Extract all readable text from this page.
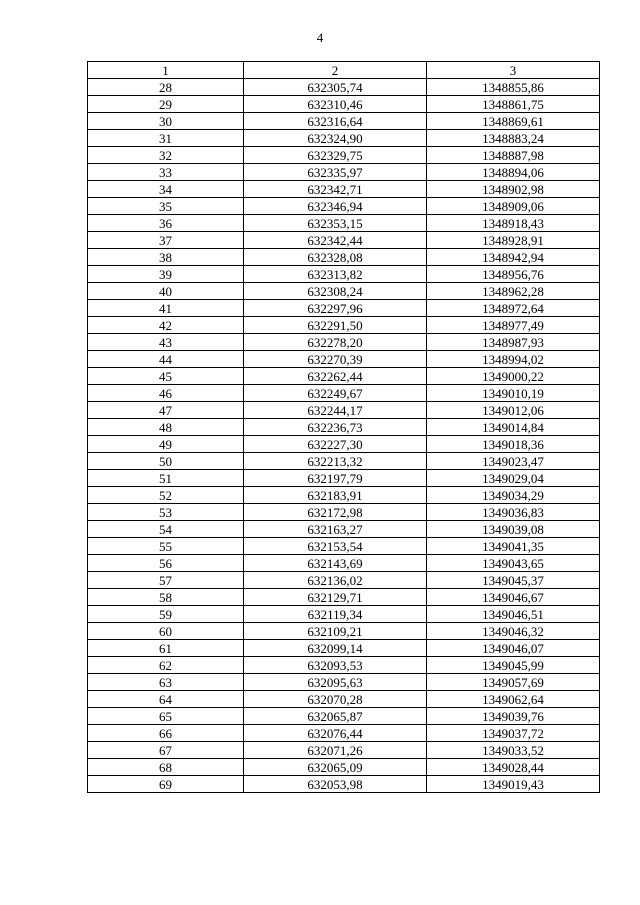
4
1	2	3
28	632305,74	1348855,86
29	632310,46	1348861,75
30	632316,64	1348869,61
31	632324,90	1348883,24
32	632329,75	1348887,98
33	632335,97	1348894,06
34	632342,71	1348902,98
35	632346,94	1348909,06
36	632353,15	1348918,43
37	632342,44	1348928,91
38	632328,08	1348942,94
39	632313,82	1348956,76
40	632308,24	1348962,28
41	632297,96	1348972,64
42	632291,50	1348977,49
43	632278,20	1348987,93
44	632270,39	1348994,02
45	632262,44	1349000,22
46	632249,67	1349010,19
47	632244,17	1349012,06
48	632236,73	1349014,84
49	632227,30	1349018,36
50	632213,32	1349023,47
51	632197,79	1349029,04
52	632183,91	1349034,29
53	632172,98	1349036,83
54	632163,27	1349039,08
55	632153,54	1349041,35
56	632143,69	1349043,65
57	632136,02	1349045,37
58	632129,71	1349046,67
59	632119,34	1349046,51
60	632109,21	1349046,32
61	632099,14	1349046,07
62	632093,53	1349045,99
63	632095,63	1349057,69
64	632070,28	1349062,64
65	632065,87	1349039,76
66	632076,44	1349037,72
67	632071,26	1349033,52
68	632065,09	1349028,44
69	632053,98	1349019,43
